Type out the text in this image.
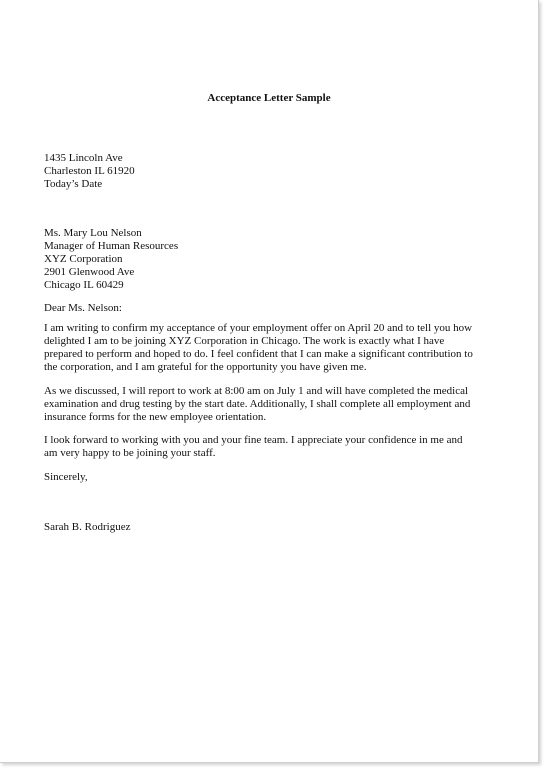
Acceptance Letter Sample
1435 Lincoln Ave
Charleston IL 61920
Today’s Date
Ms. Mary Lou Nelson
Manager of Human Resources
XYZ Corporation
2901 Glenwood Ave
Chicago IL 60429
Dear Ms. Nelson:
I am writing to confirm my acceptance of your employment offer on April 20 and to tell you how
delighted I am to be joining XYZ Corporation in Chicago. The work is exactly what I have
prepared to perform and hoped to do. I feel confident that I can make a significant contribution to
the corporation, and I am grateful for the opportunity you have given me.
As we discussed, I will report to work at 8:00 am on July 1 and will have completed the medical
examination and drug testing by the start date. Additionally, I shall complete all employment and
insurance forms for the new employee orientation.
I look forward to working with you and your fine team. I appreciate your confidence in me and
am very happy to be joining your staff.
Sincerely,
Sarah B. Rodriguez
